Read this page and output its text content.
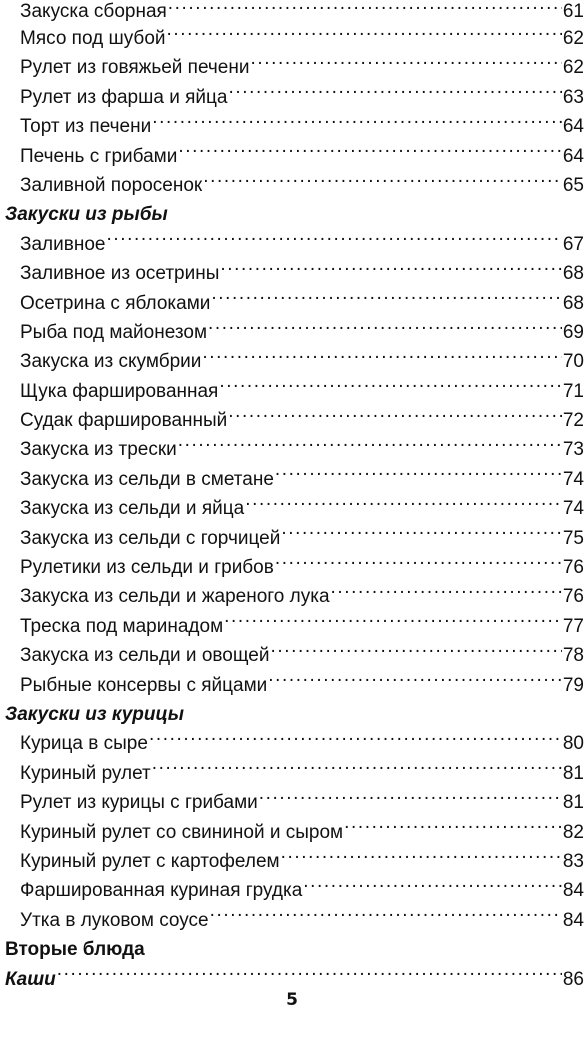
Закуска сборная .....	61
Мясо под шубой .....	62
Рулет из говяжьей печени .....	62
Рулет из фарша и яйца .....	63
Торт из печени .....	64
Печень с грибами .....	64
Заливной поросенок .....	65
Закуски из рыбы
Заливное .....	67
Заливное из осетрины .....	68
Осетрина с яблоками .....	68
Рыба под майонезом .....	69
Закуска из скумбрии .....	70
Щука фаршированная .....	71
Судак фаршированный .....	72
Закуска из трески .....	73
Закуска из сельди в сметане .....	74
Закуска из сельди и яйца .....	74
Закуска из сельди с горчицей .....	75
Рулетики из сельди и грибов .....	76
Закуска из сельди и жареного лука .....	76
Треска под маринадом .....	77
Закуска из сельди и овощей .....	78
Рыбные консервы с яйцами .....	79
Закуски из курицы
Курица в сыре .....	80
Куриный рулет .....	81
Рулет из курицы с грибами .....	81
Куриный рулет со свининой и сыром .....	82
Куриный рулет с картофелем .....	83
Фаршированная куриная грудка .....	84
Утка в луковом соусе .....	84
Вторые блюда
Каши .....	86
5
